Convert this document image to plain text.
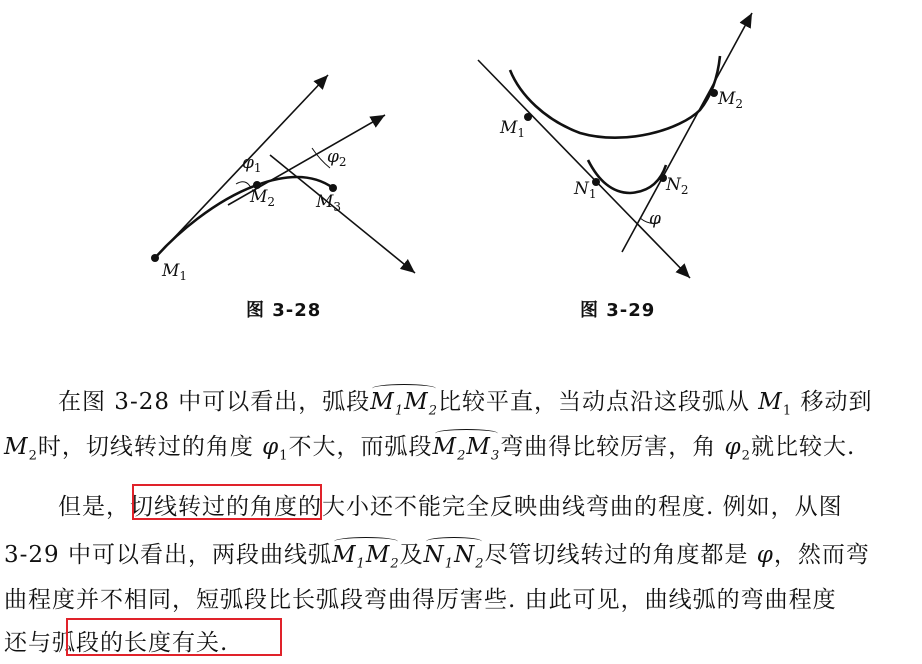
$M_1$
$M_2$ $M_3$
$\varphi_1$
$\varphi_2$
$M_1$
$M_2$
$N_1$	$N_2$
φ
图 3-28	图 3-29
在图 3-28 中可以看出，弧段$M_1M_2$比较平直，当动点沿这段弧从 $M_1$ 移动到
$M_2$时，切线转过的角度 $\varphi_1$不大，而弧段$M_2M_3$弯曲得比较厉害，角 $\varphi_2$就比较大.
但是，切线转过的角度的大小还不能完全反映曲线弯曲的程度. 例如，从图
3-29 中可以看出，两段曲线弧$M_1M_2$及$N_1N_2$尽管切线转过的角度都是 φ，然而弯
曲程度并不相同，短弧段比长弧段弯曲得厉害些. 由此可见，曲线弧的弯曲程度
还与弧段的长度有关.
